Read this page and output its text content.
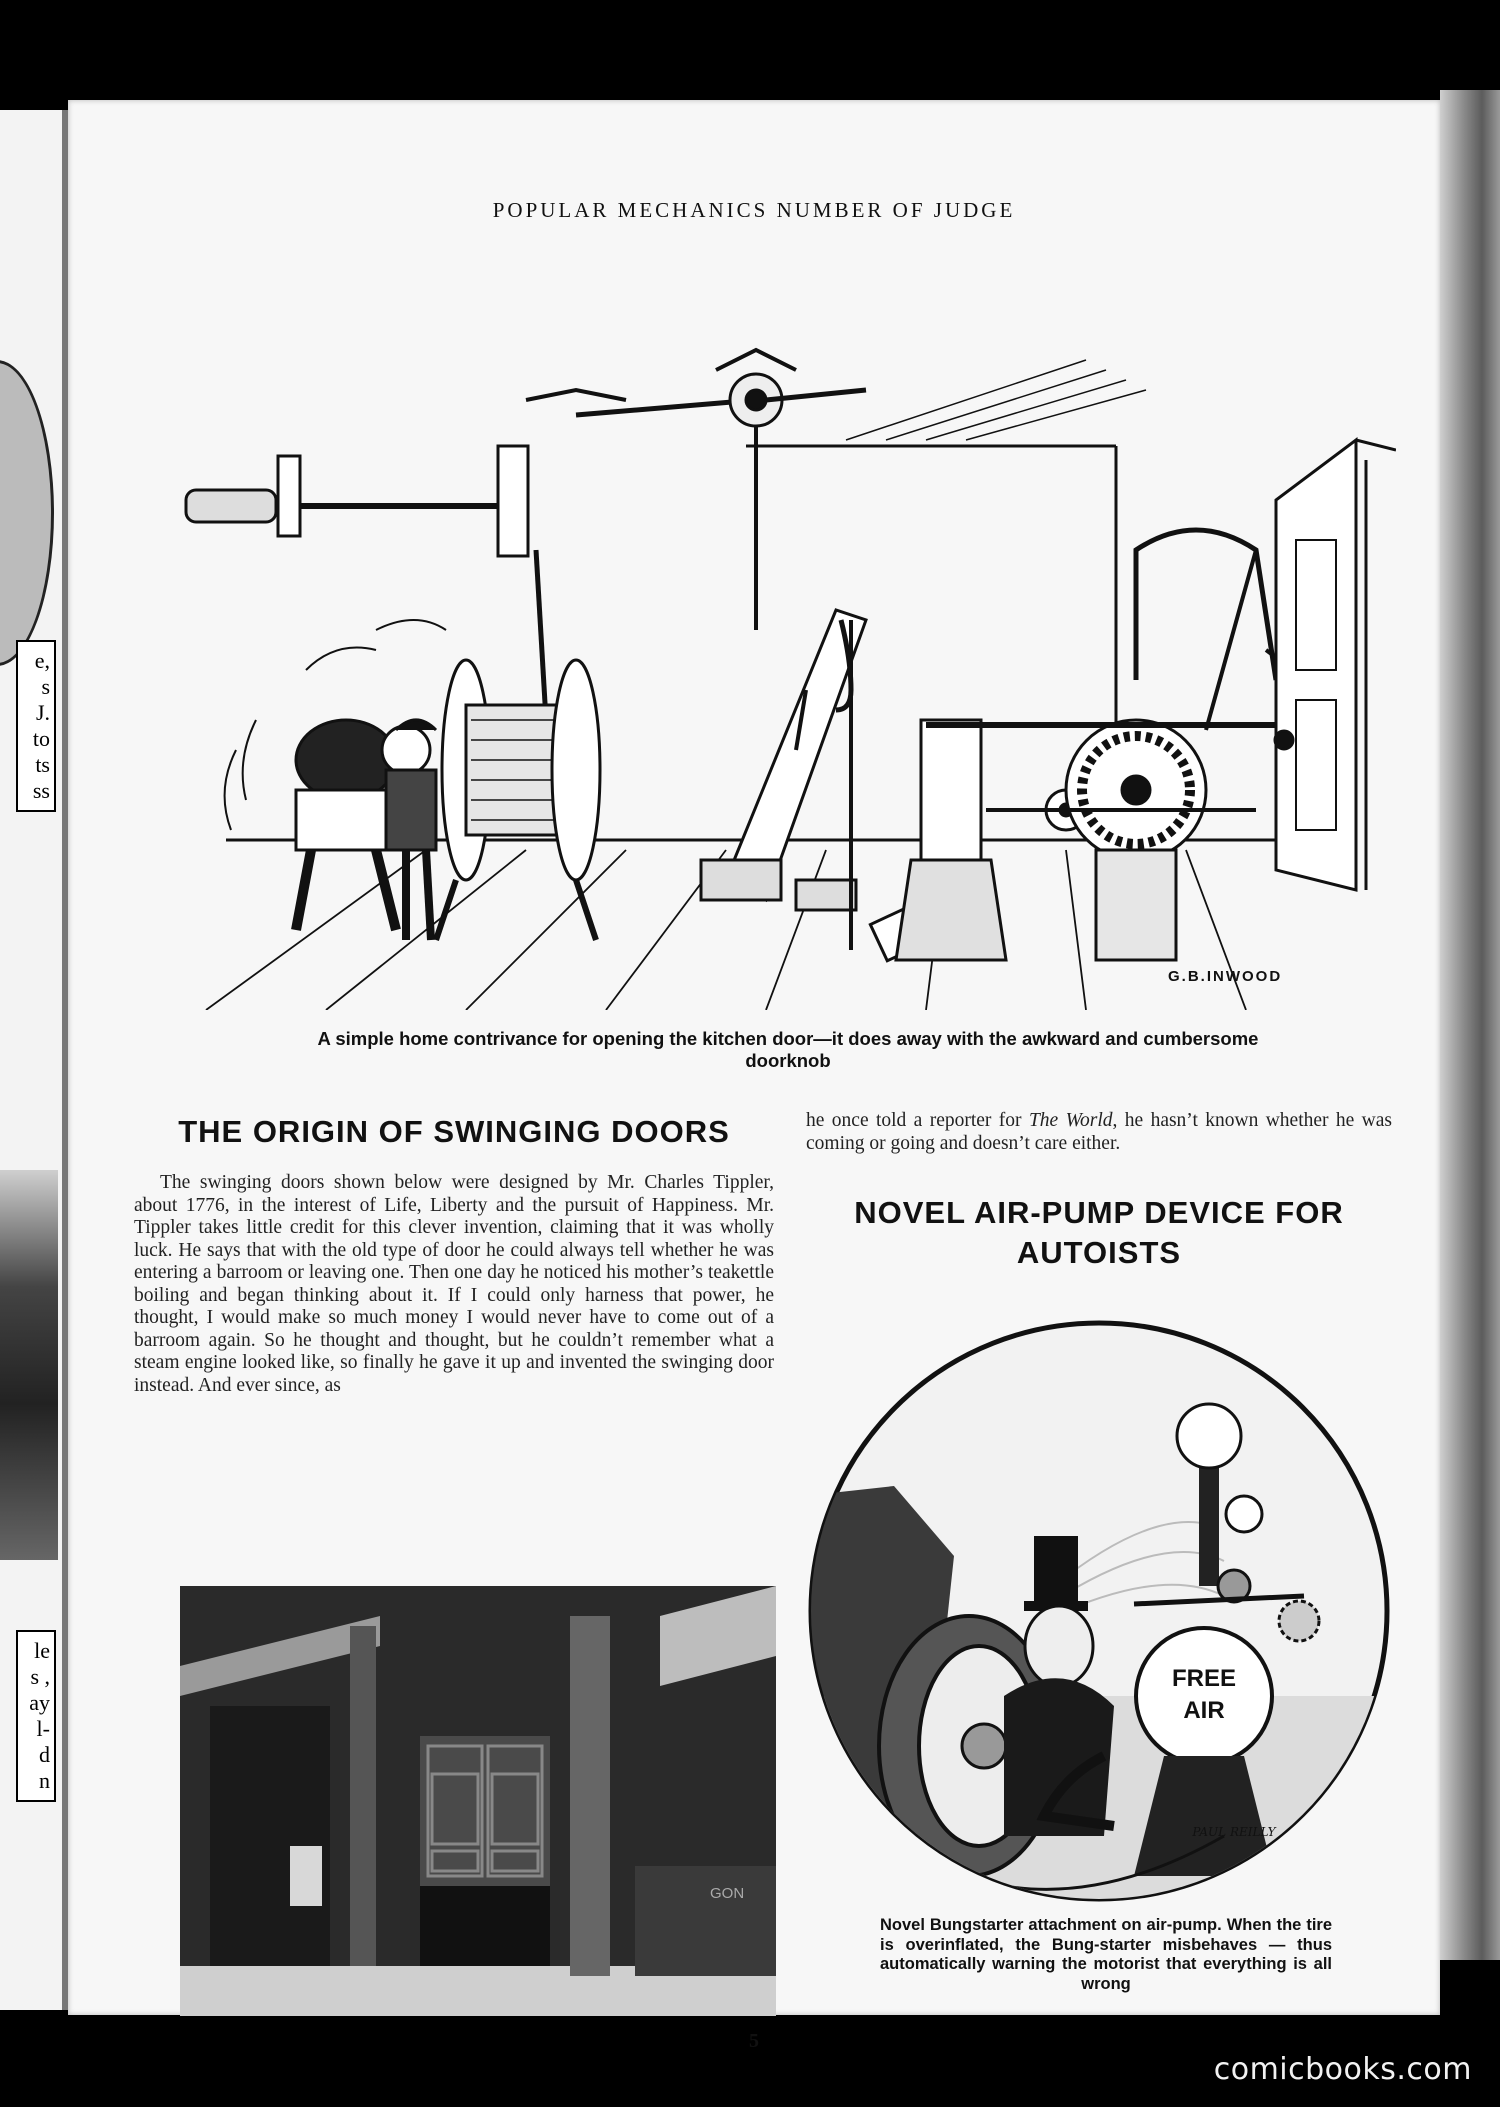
e,
s
J.
to
ts
ss
le
s ,
ay
l-
d
n
POPULAR MECHANICS NUMBER OF JUDGE
G.B.INWOOD
A simple home contrivance for opening the kitchen door—it does away with the awkward and cumbersome doorknob
THE ORIGIN OF SWINGING DOORS

The swinging doors shown below were designed by Mr. Charles Tippler, about 1776, in the interest of Life, Liberty and the pursuit of Happiness. Mr. Tippler takes little credit for this clever invention, claiming that it was wholly luck. He says that with the old type of door he could always tell whether he was entering a barroom or leaving one. Then one day he noticed his mother’s teakettle boiling and began thinking about it. If I could only harness that power, he thought, I would make so much money I would never have to come out of a barroom again. So he thought and thought, but he couldn’t remember what a steam engine looked like, so finally he gave it up and invented the swinging door instead. And ever since, as

GON

he once told a reporter for The World, he hasn’t known whether he was coming or going and doesn’t care either.

NOVEL AIR-PUMP DEVICE FOR AUTOISTS
FREE
AIR
PAUL REILLY
Novel Bungstarter attachment on air-pump. When the tire is overinflated, the Bung-starter misbehaves — thus automatically warning the motorist that everything is all wrong
5
comicbooks.com
